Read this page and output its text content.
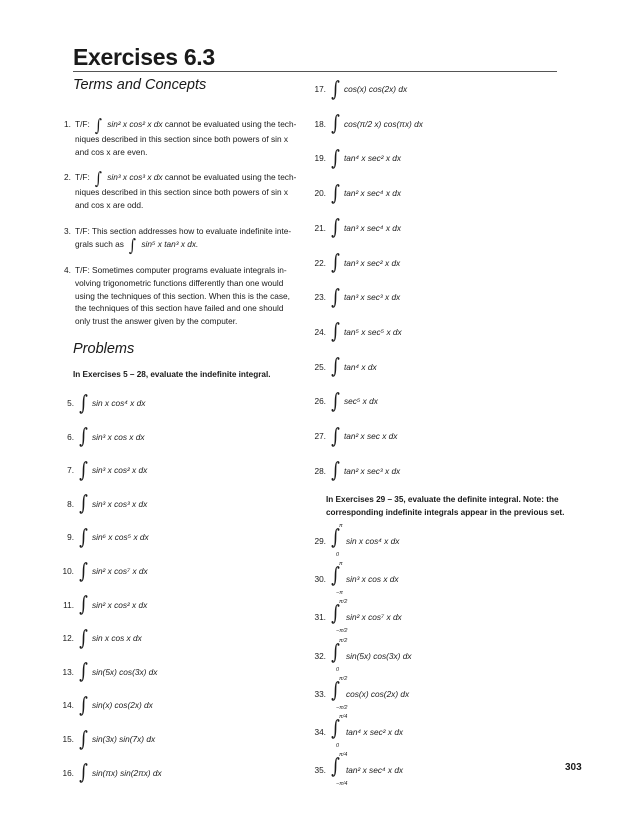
Exercises 6.3
Terms and Concepts
1. T/F: ∫ sin² x cos² x dx cannot be evaluated using the tech-
niques described in this section since both powers of sin x
and cos x are even.
2. T/F: ∫ sin³ x cos³ x dx cannot be evaluated using the tech-
niques described in this section since both powers of sin x
and cos x are odd.
3. T/F: This section addresses how to evaluate indefinite inte-
grals such as ∫ sin⁵ x tan³ x dx.
4. T/F: Sometimes computer programs evaluate integrals in-
volving trigonometric functions differently than one would
using the techniques of this section. When this is the case,
the techniques of this section have failed and one should
only trust the answer given by the computer.
Problems
In Exercises 5 – 28, evaluate the indefinite integral.
5. ∫ sin x cos⁴ x dx
6. ∫ sin³ x cos x dx
7. ∫ sin³ x cos² x dx
8. ∫ sin³ x cos³ x dx
9. ∫ sin⁶ x cos⁵ x dx
10. ∫ sin² x cos⁷ x dx
11. ∫ sin² x cos² x dx
12. ∫ sin x cos x dx
13. ∫ sin(5x) cos(3x) dx
14. ∫ sin(x) cos(2x) dx
15. ∫ sin(3x) sin(7x) dx
16. ∫ sin(πx) sin(2πx) dx
17. ∫ cos(x) cos(2x) dx
18. ∫ cos(π/2 x) cos(πx) dx
19. ∫ tan⁴ x sec² x dx
20. ∫ tan² x sec⁴ x dx
21. ∫ tan³ x sec⁴ x dx
22. ∫ tan³ x sec² x dx
23. ∫ tan³ x sec³ x dx
24. ∫ tan⁵ x sec⁵ x dx
25. ∫ tan⁴ x dx
26. ∫ sec⁵ x dx
27. ∫ tan² x sec x dx
28. ∫ tan² x sec³ x dx
In Exercises 29 – 35, evaluate the definite integral. Note: the
corresponding indefinite integrals appear in the previous set.
29. ∫ π
0
sin x cos⁴ x dx
30. ∫ π
−π
sin³ x cos x dx
31. ∫ π/2
−π/2
sin² x cos⁷ x dx
32. ∫ π/2
0
sin(5x) cos(3x) dx
33. ∫ π/2
−π/2
cos(x) cos(2x) dx
34. ∫ π/4
0
tan⁴ x sec² x dx
35. ∫ π/4
−π/4
tan² x sec⁴ x dx	303
